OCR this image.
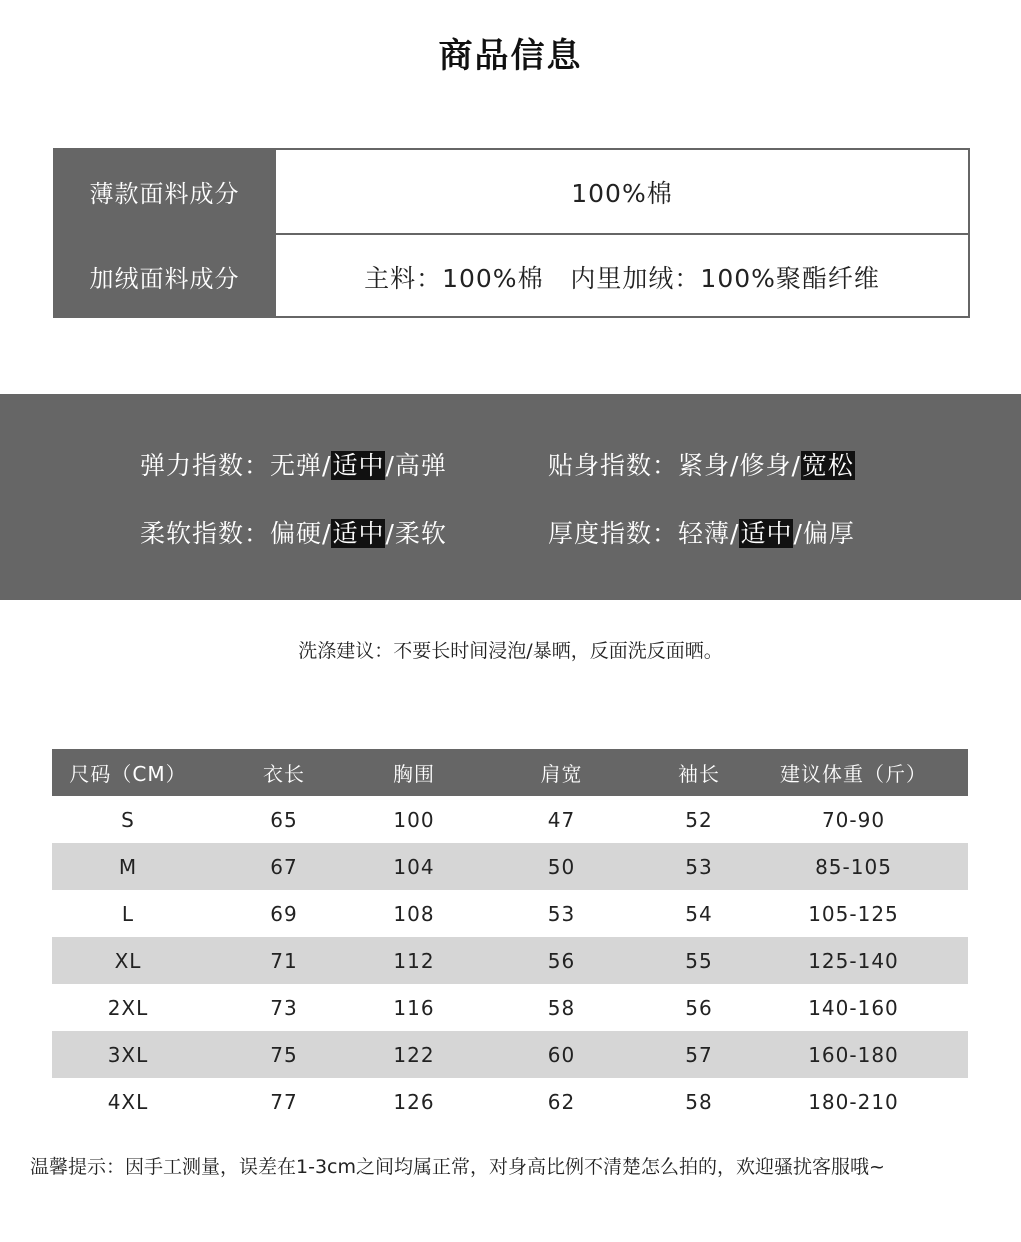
商品信息
薄款面料成分	100%棉
加绒面料成分	主料：100%棉   内里加绒：100%聚酯纤维
弹力指数：无弹/适中/高弹	贴身指数：紧身/修身/宽松
柔软指数：偏硬/适中/柔软	厚度指数：轻薄/适中/偏厚
洗涤建议：不要长时间浸泡/暴晒，反面洗反面晒。
尺码（CM）	衣长	胸围	肩宽	袖长	建议体重（斤）
S	65	100	47	52	70-90
M	67	104	50	53	85-105
L	69	108	53	54	105-125
XL	71	112	56	55	125-140
2XL	73	116	58	56	140-160
3XL	75	122	60	57	160-180
4XL	77	126	62	58	180-210
温馨提示：因手工测量，误差在1-3cm之间均属正常，对身高比例不清楚怎么拍的，欢迎骚扰客服哦~
